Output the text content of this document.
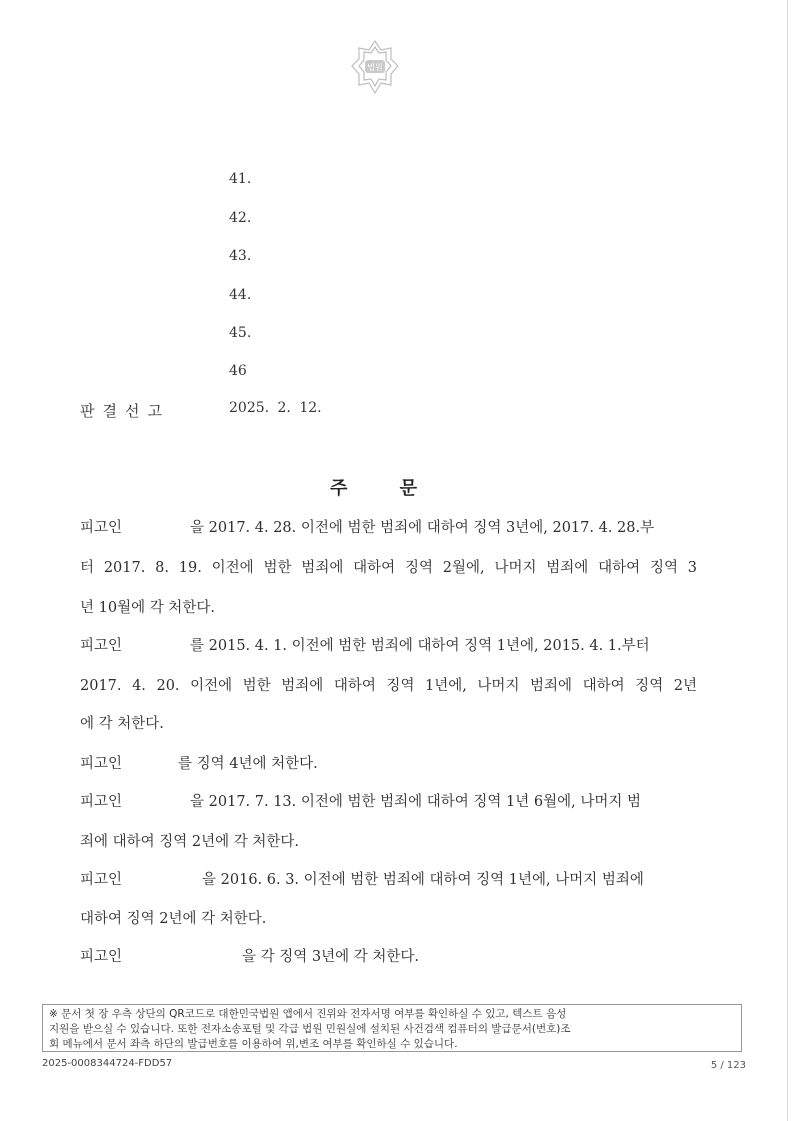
법원
41.
42.
43.
44.
45.
46
판결선고	2025. 2. 12.
주 문
피고인	을 2017. 4. 28. 이전에 범한 범죄에 대하여 징역 3년에, 2017. 4. 28.부
터 2017. 8. 19. 이전에 범한 범죄에 대하여 징역 2월에, 나머지 범죄에 대하여 징역 3
년 10월에 각 처한다.
피고인	를 2015. 4. 1. 이전에 범한 범죄에 대하여 징역 1년에, 2015. 4. 1.부터
2017. 4. 20. 이전에 범한 범죄에 대하여 징역 1년에, 나머지 범죄에 대하여 징역 2년
에 각 처한다.
피고인	를 징역 4년에 처한다.
피고인	을 2017. 7. 13. 이전에 범한 범죄에 대하여 징역 1년 6월에, 나머지 범
죄에 대하여 징역 2년에 각 처한다.
피고인	을 2016. 6. 3. 이전에 범한 범죄에 대하여 징역 1년에, 나머지 범죄에
대하여 징역 2년에 각 처한다.
피고인	을 각 징역 3년에 각 처한다.
※ 문서 첫 장 우측 상단의 QR코드로 대한민국법원 앱에서 진위와 전자서명 여부를 확인하실 수 있고, 텍스트 음성
지원을 받으실 수 있습니다. 또한 전자소송포털 및 각급 법원 민원실에 설치된 사건검색 컴퓨터의 발급문서(번호)조
회 메뉴에서 문서 좌측 하단의 발급번호를 이용하여 위,변조 여부를 확인하실 수 있습니다.
2025-0008344724-FDD57	5 / 123
